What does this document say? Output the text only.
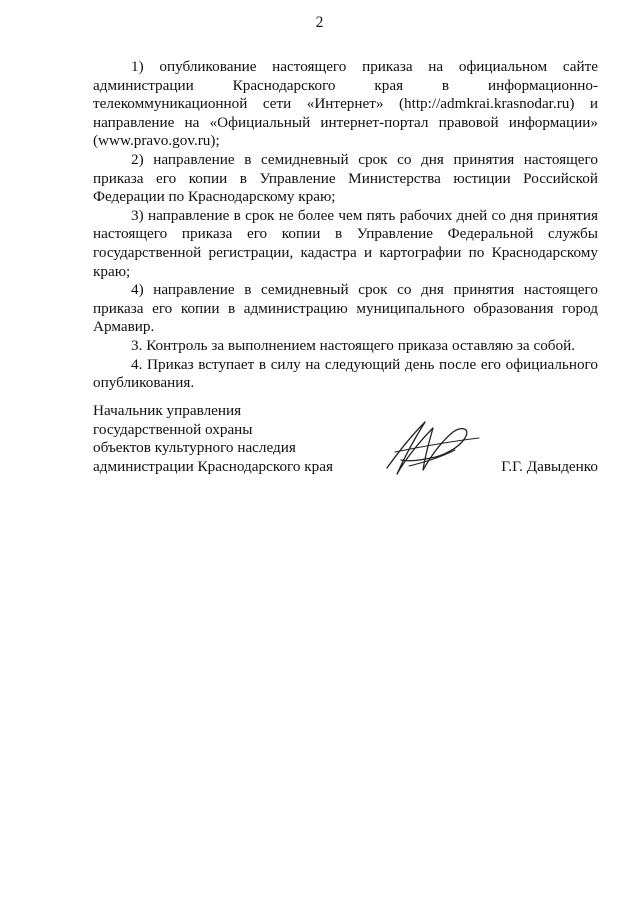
2

1) опубликование настоящего приказа на официальном сайте администрации Краснодарского края в информационно-телекоммуникационной сети «Интернет» (http://admkrai.krasnodar.ru) и направление на «Официальный интернет-портал правовой информации» (www.pravo.gov.ru);

2) направление в семидневный срок со дня принятия настоящего приказа его копии в Управление Министерства юстиции Российской Федерации по Краснодарскому краю;

3) направление в срок не более чем пять рабочих дней со дня принятия настоящего приказа его копии в Управление Федеральной службы государственной регистрации, кадастра и картографии по Краснодарскому краю;

4) направление в семидневный срок со дня принятия настоящего приказа его копии в администрацию муниципального образования город Армавир.

3. Контроль за выполнением настоящего приказа оставляю за собой.

4. Приказ вступает в силу на следующий день после его официального опубликования.

Начальник управления
государственной охраны
объектов культурного наследия
администрации Краснодарского края	Г.Г. Давыденко
